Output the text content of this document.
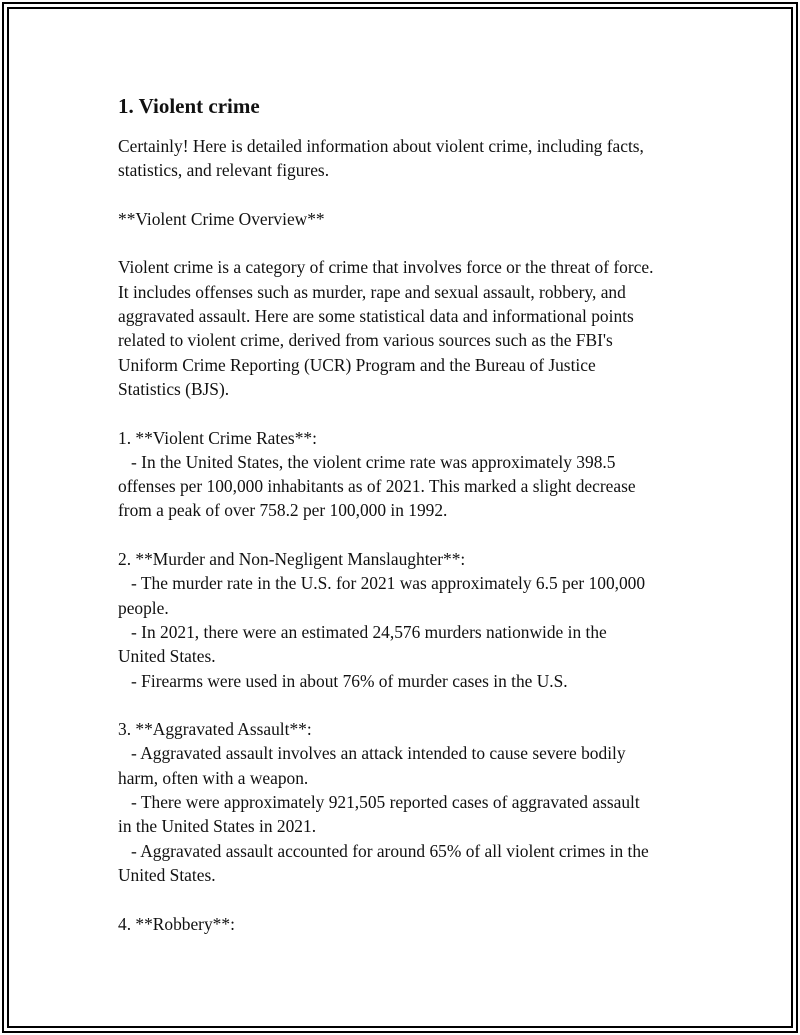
1. Violent crime

Certainly! Here is detailed information about violent crime, including facts,
statistics, and relevant figures.

**Violent Crime Overview**

Violent crime is a category of crime that involves force or the threat of force.
It includes offenses such as murder, rape and sexual assault, robbery, and
aggravated assault. Here are some statistical data and informational points
related to violent crime, derived from various sources such as the FBI's
Uniform Crime Reporting (UCR) Program and the Bureau of Justice
Statistics (BJS).

1. **Violent Crime Rates**:
- In the United States, the violent crime rate was approximately 398.5
offenses per 100,000 inhabitants as of 2021. This marked a slight decrease
from a peak of over 758.2 per 100,000 in 1992.

2. **Murder and Non-Negligent Manslaughter**:
- The murder rate in the U.S. for 2021 was approximately 6.5 per 100,000
people.
- In 2021, there were an estimated 24,576 murders nationwide in the
United States.
- Firearms were used in about 76% of murder cases in the U.S.

3. **Aggravated Assault**:
- Aggravated assault involves an attack intended to cause severe bodily
harm, often with a weapon.
- There were approximately 921,505 reported cases of aggravated assault
in the United States in 2021.
- Aggravated assault accounted for around 65% of all violent crimes in the
United States.

4. **Robbery**:
